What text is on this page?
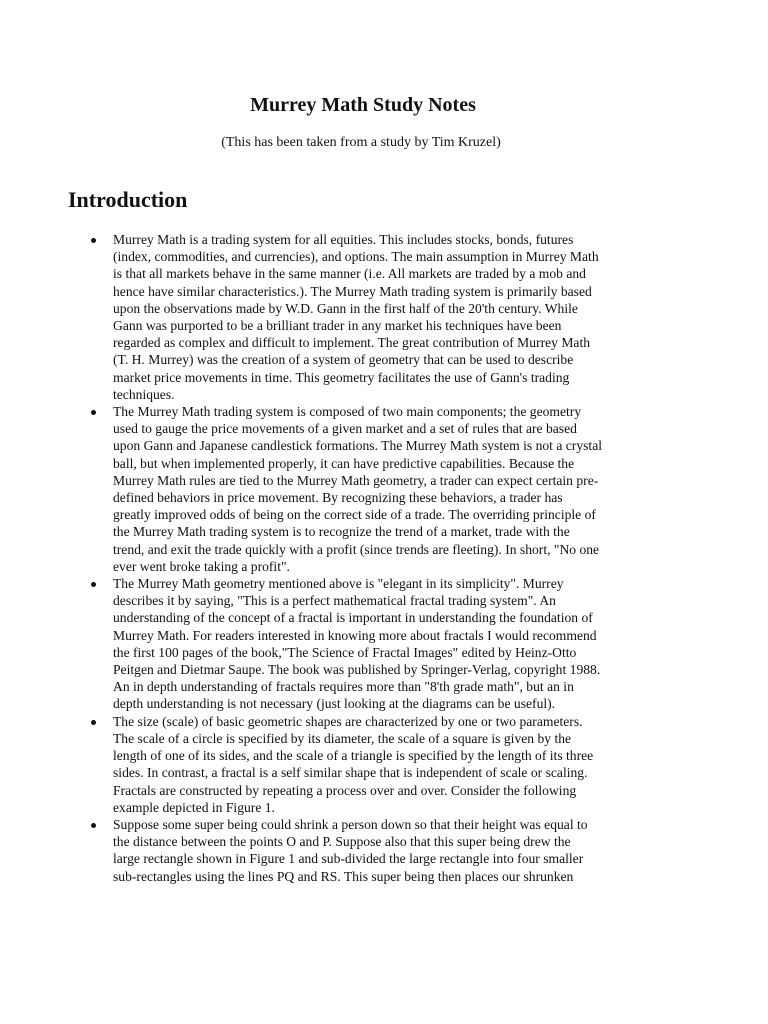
Murrey Math Study Notes

(This has been taken from a study by Tim Kruzel)

Introduction
Murrey Math is a trading system for all equities. This includes stocks, bonds, futures
(index, commodities, and currencies), and options. The main assumption in Murrey Math
is that all markets behave in the same manner (i.e. All markets are traded by a mob and
hence have similar characteristics.). The Murrey Math trading system is primarily based
upon the observations made by W.D. Gann in the first half of the 20'th century. While
Gann was purported to be a brilliant trader in any market his techniques have been
regarded as complex and difficult to implement. The great contribution of Murrey Math
(T. H. Murrey) was the creation of a system of geometry that can be used to describe
market price movements in time. This geometry facilitates the use of Gann's trading
techniques.
The Murrey Math trading system is composed of two main components; the geometry
used to gauge the price movements of a given market and a set of rules that are based
upon Gann and Japanese candlestick formations. The Murrey Math system is not a crystal
ball, but when implemented properly, it can have predictive capabilities. Because the
Murrey Math rules are tied to the Murrey Math geometry, a trader can expect certain pre-
defined behaviors in price movement. By recognizing these behaviors, a trader has
greatly improved odds of being on the correct side of a trade. The overriding principle of
the Murrey Math trading system is to recognize the trend of a market, trade with the
trend, and exit the trade quickly with a profit (since trends are fleeting). In short, "No one
ever went broke taking a profit".
The Murrey Math geometry mentioned above is "elegant in its simplicity". Murrey
describes it by saying, "This is a perfect mathematical fractal trading system". An
understanding of the concept of a fractal is important in understanding the foundation of
Murrey Math. For readers interested in knowing more about fractals I would recommend
the first 100 pages of the book,"The Science of Fractal Images" edited by Heinz-Otto
Peitgen and Dietmar Saupe. The book was published by Springer-Verlag, copyright 1988.
An in depth understanding of fractals requires more than "8'th grade math", but an in
depth understanding is not necessary (just looking at the diagrams can be useful).
The size (scale) of basic geometric shapes are characterized by one or two parameters.
The scale of a circle is specified by its diameter, the scale of a square is given by the
length of one of its sides, and the scale of a triangle is specified by the length of its three
sides. In contrast, a fractal is a self similar shape that is independent of scale or scaling.
Fractals are constructed by repeating a process over and over. Consider the following
example depicted in Figure 1.
Suppose some super being could shrink a person down so that their height was equal to
the distance between the points O and P. Suppose also that this super being drew the
large rectangle shown in Figure 1 and sub-divided the large rectangle into four smaller
sub-rectangles using the lines PQ and RS. This super being then places our shrunken
